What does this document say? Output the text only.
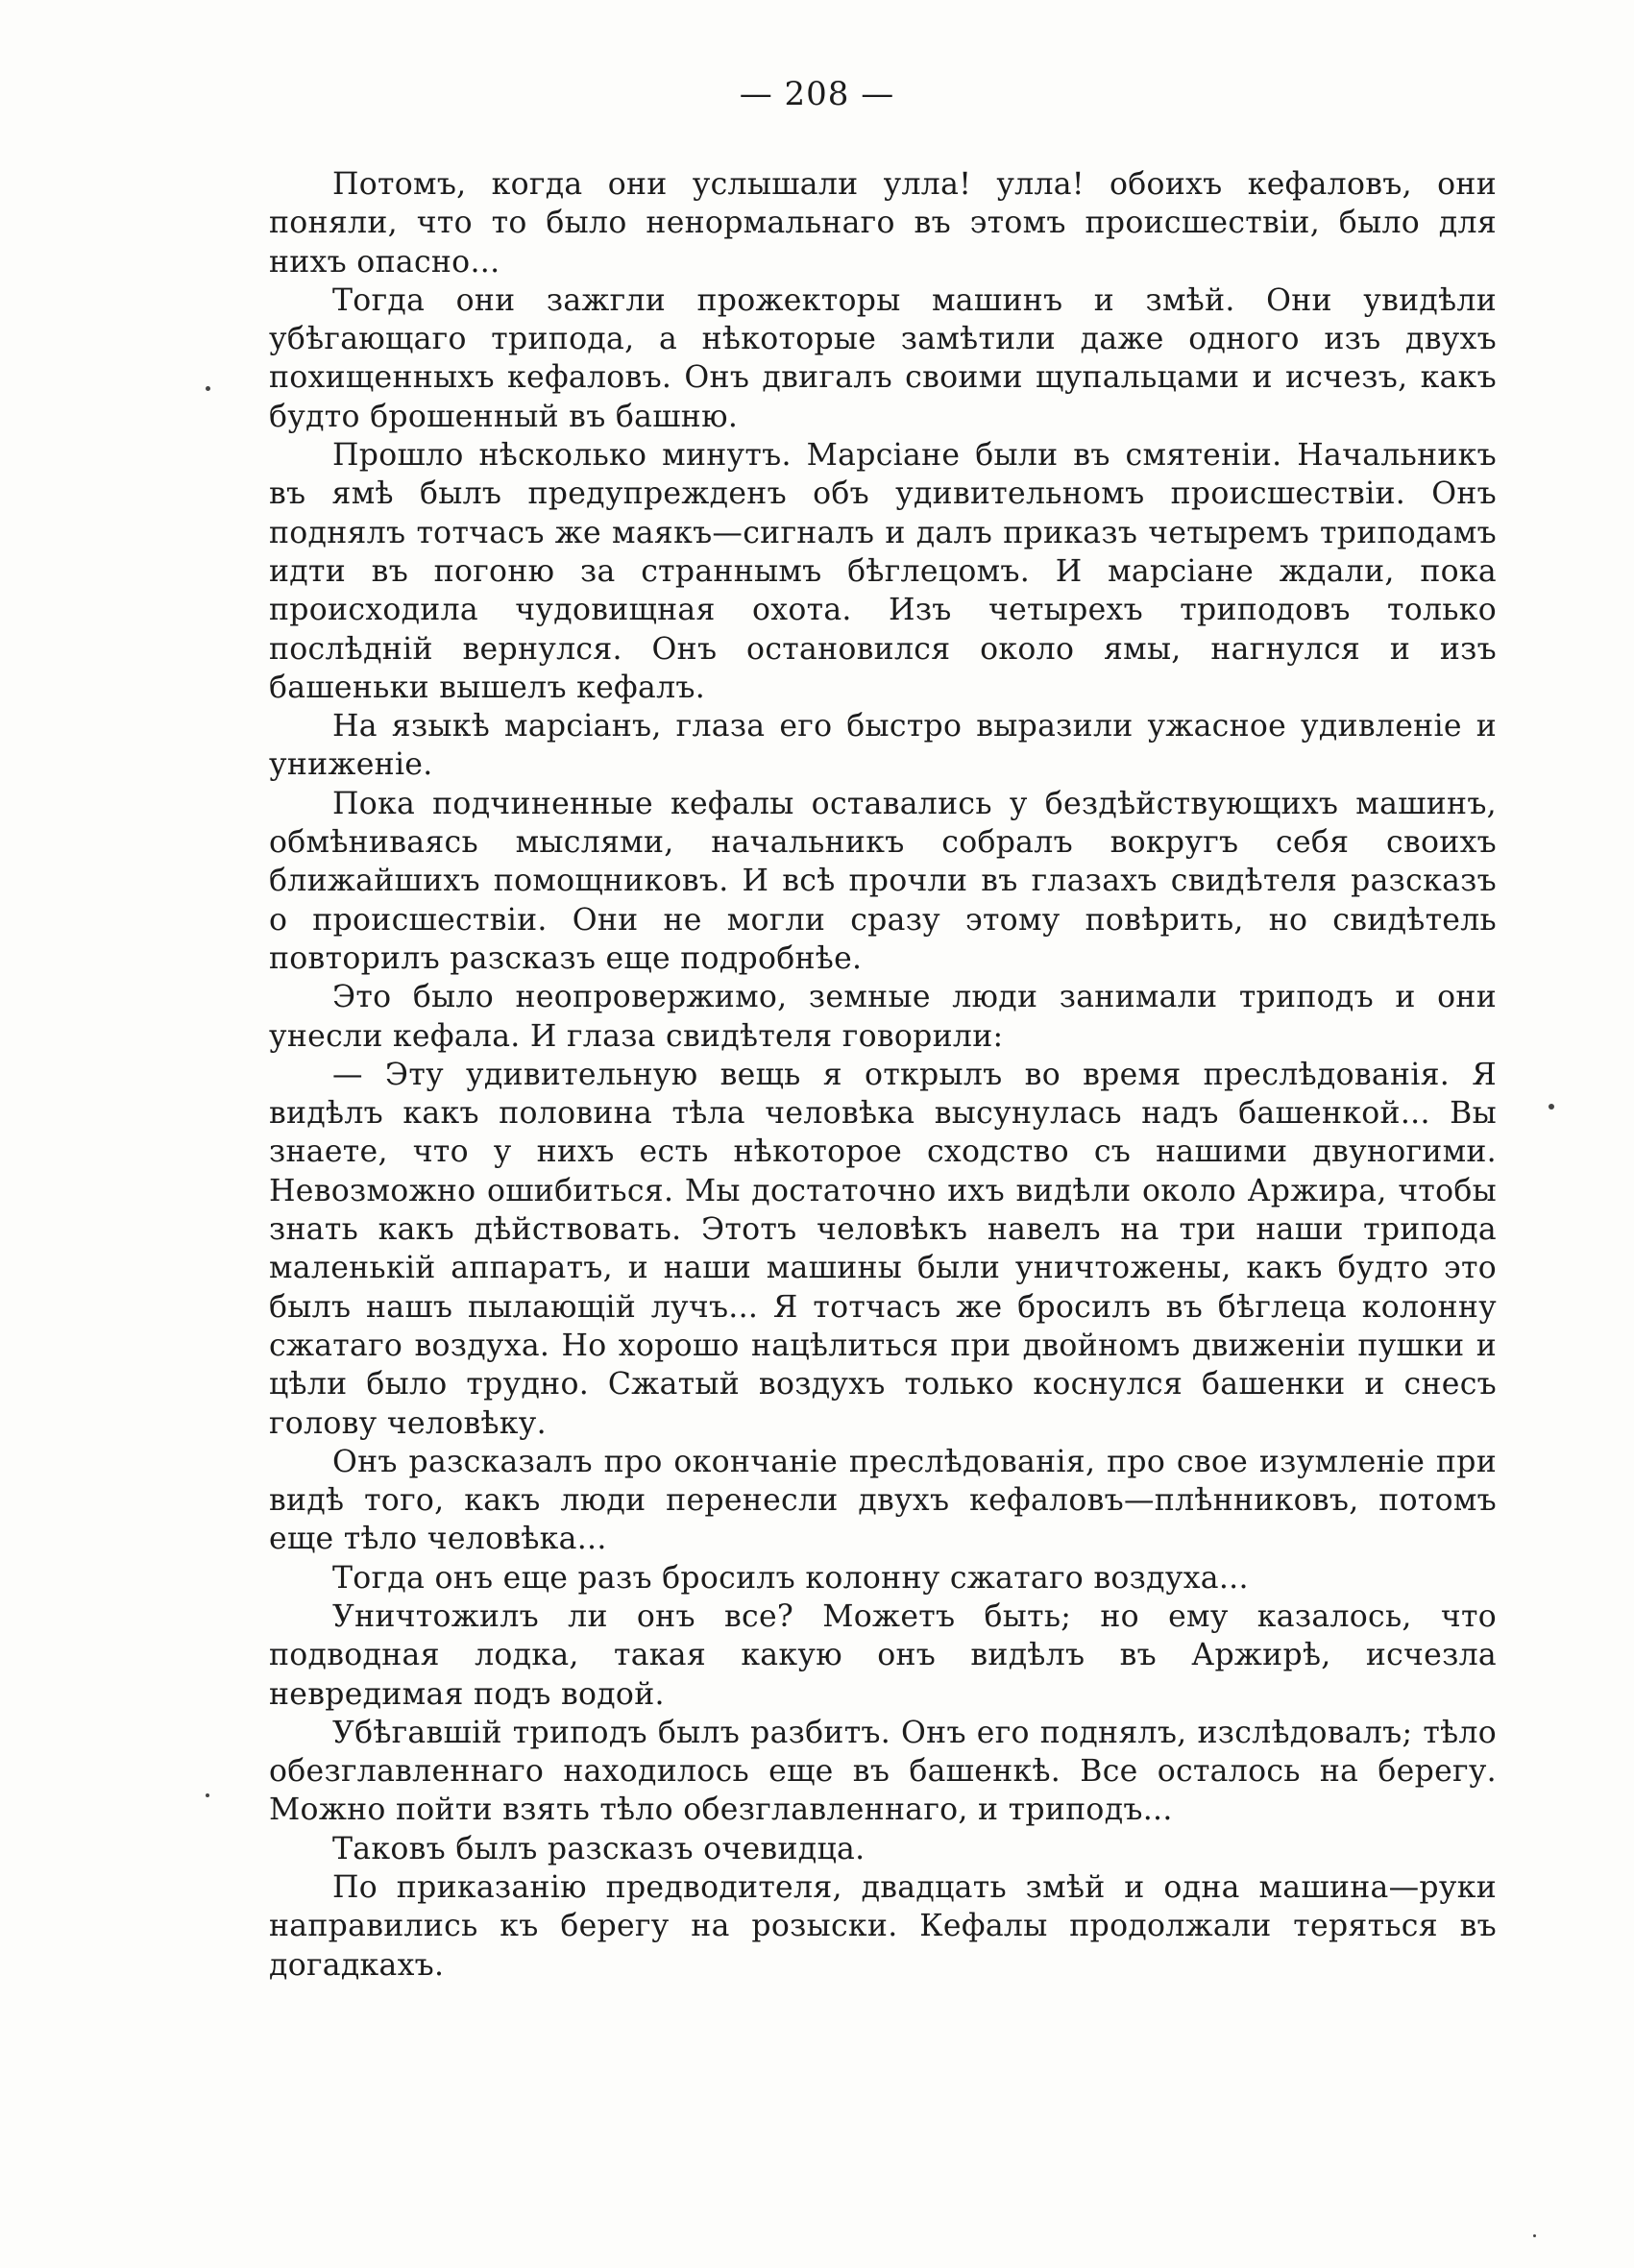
— 208 —

Потомъ, когда они услышали улла! улла! обоихъ кефаловъ, они поняли, что то было ненормальнаго въ этомъ происшествіи, было для нихъ опасно...

Тогда они зажгли прожекторы машинъ и змѣй. Они увидѣли убѣгающаго трипода, а нѣкоторые замѣтили даже одного изъ двухъ похищенныхъ кефаловъ. Онъ двигалъ своими щупальцами и исчезъ, какъ будто брошенный въ башню.

Прошло нѣсколько минутъ. Марсіане были въ смятеніи. Начальникъ въ ямѣ былъ предупрежденъ объ удивительномъ происшествіи. Онъ поднялъ тотчасъ же маякъ—сигналъ и далъ приказъ четыремъ триподамъ идти въ погоню за страннымъ бѣглецомъ. И марсіане ждали, пока происходила чудовищная охота. Изъ четырехъ триподовъ только послѣдній вернулся. Онъ остановился около ямы, нагнулся и изъ башеньки вышелъ кефалъ.

На языкѣ марсіанъ, глаза его быстро выразили ужасное удивленіе и униженіе.

Пока подчиненные кефалы оставались у бездѣйствующихъ машинъ, обмѣниваясь мыслями, начальникъ собралъ вокругъ себя своихъ ближайшихъ помощниковъ. И всѣ прочли въ глазахъ свидѣтеля разсказъ о происшествіи. Они не могли сразу этому повѣрить, но свидѣтель повторилъ разсказъ еще подробнѣе.

Это было неопровержимо, земные люди занимали триподъ и они унесли кефала. И глаза свидѣтеля говорили:

— Эту удивительную вещь я открылъ во время преслѣдованія. Я видѣлъ какъ половина тѣла человѣка высунулась надъ башенкой... Вы знаете, что у нихъ есть нѣкоторое сходство съ нашими двуногими. Невозможно ошибиться. Мы достаточно ихъ видѣли около Аржира, чтобы знать какъ дѣйствовать. Этотъ человѣкъ навелъ на три наши трипода маленькій аппаратъ, и наши машины были уничтожены, какъ будто это былъ нашъ пылающій лучъ... Я тотчасъ же бросилъ въ бѣглеца колонну сжатаго воздуха. Но хорошо нацѣлиться при двойномъ движеніи пушки и цѣли было трудно. Сжатый воздухъ только коснулся башенки и снесъ голову человѣку.

Онъ разсказалъ про окончаніе преслѣдованія, про свое изумленіе при видѣ того, какъ люди перенесли двухъ кефаловъ—плѣнниковъ, потомъ еще тѣло человѣка...

Тогда онъ еще разъ бросилъ колонну сжатаго воздуха...

Уничтожилъ ли онъ все? Можетъ быть; но ему казалось, что подводная лодка, такая какую онъ видѣлъ въ Аржирѣ, исчезла невредимая подъ водой.

Убѣгавшій триподъ былъ разбитъ. Онъ его поднялъ, изслѣдовалъ; тѣло обезглавленнаго находилось еще въ башенкѣ. Все осталось на берегу. Можно пойти взять тѣло обезглавленнаго, и триподъ...

Таковъ былъ разсказъ очевидца.

По приказанію предводителя, двадцать змѣй и одна машина—руки направились къ берегу на розыски. Кефалы продолжали теряться въ догадкахъ.
